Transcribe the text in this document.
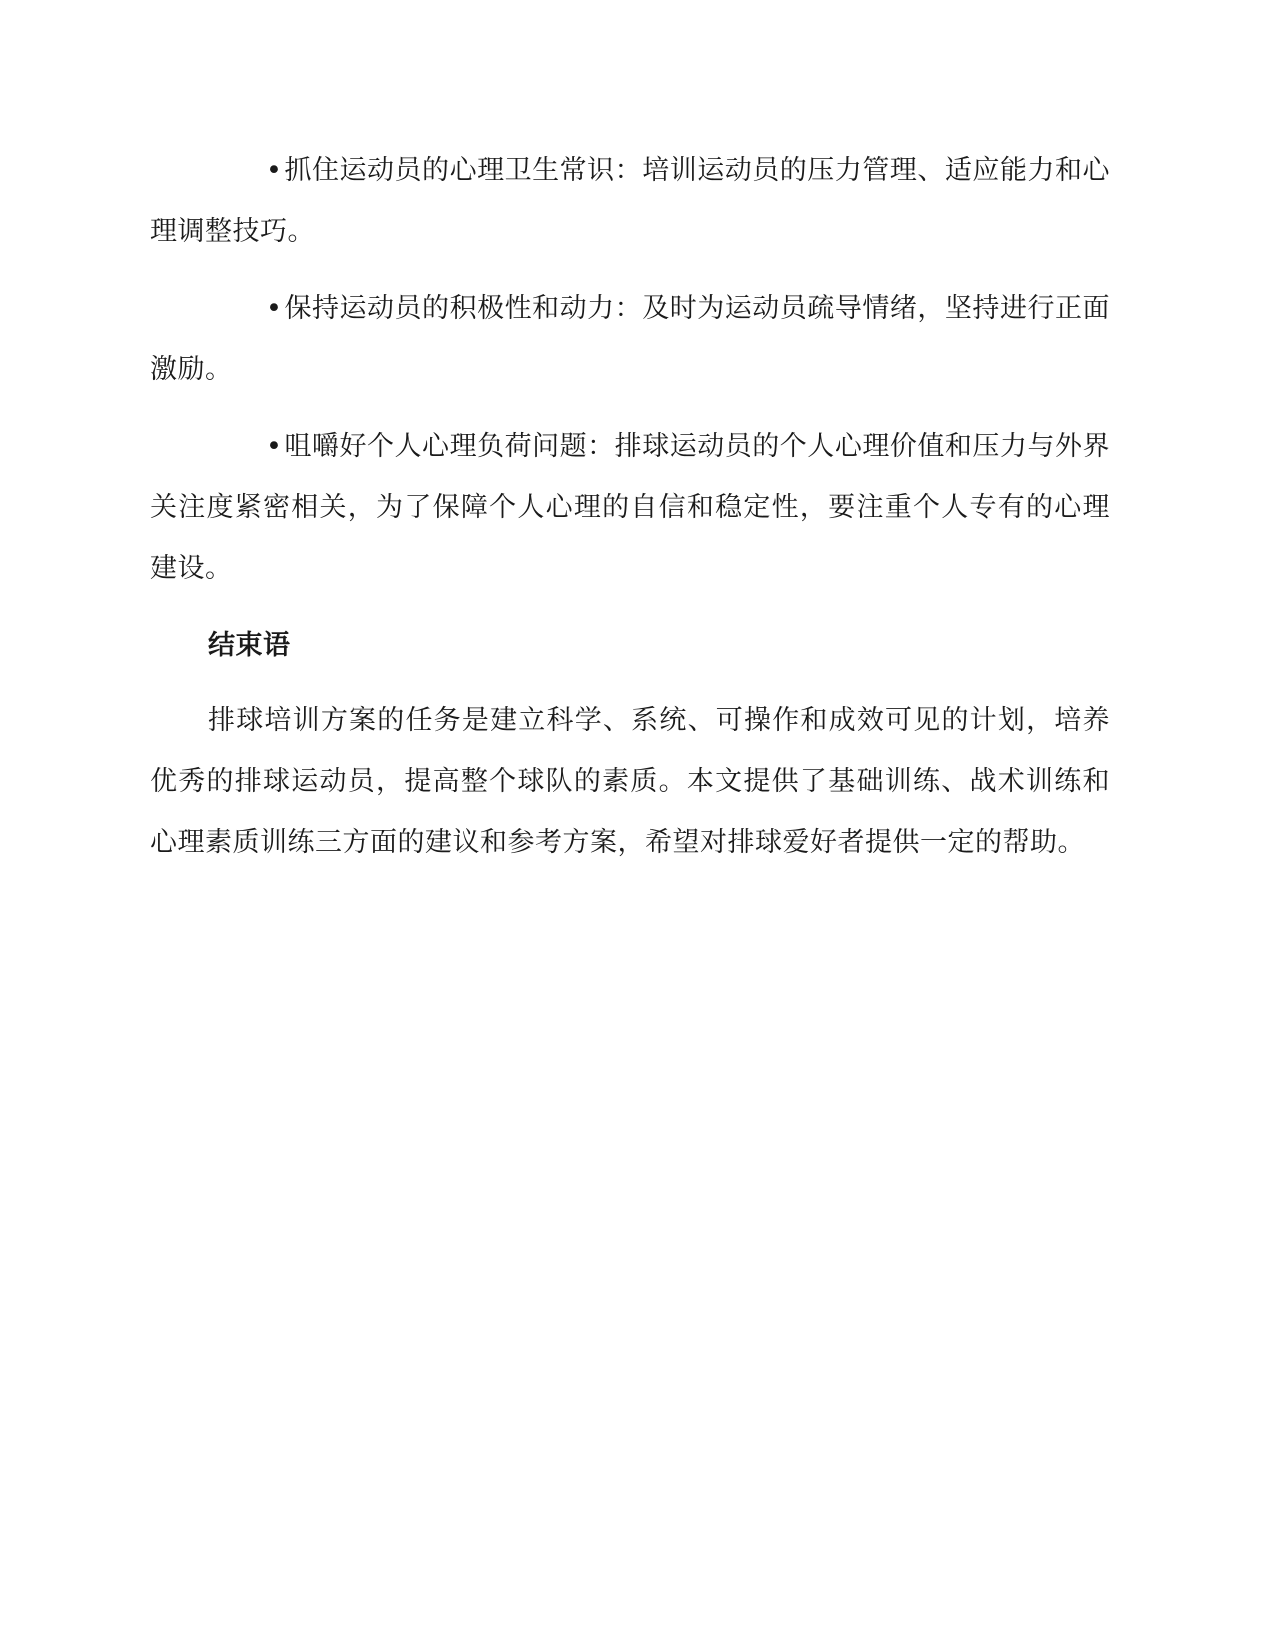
•抓住运动员的心理卫生常识：培训运动员的压力管理、适应能力和心理调整技巧。

•保持运动员的积极性和动力：及时为运动员疏导情绪，坚持进行正面激励。

•咀嚼好个人心理负荷问题：排球运动员的个人心理价值和压力与外界关注度紧密相关，为了保障个人心理的自信和稳定性，要注重个人专有的心理建设。

结束语

排球培训方案的任务是建立科学、系统、可操作和成效可见的计划，培养优秀的排球运动员，提高整个球队的素质。本文提供了基础训练、战术训练和心理素质训练三方面的建议和参考方案，希望对排球爱好者提供一定的帮助。
